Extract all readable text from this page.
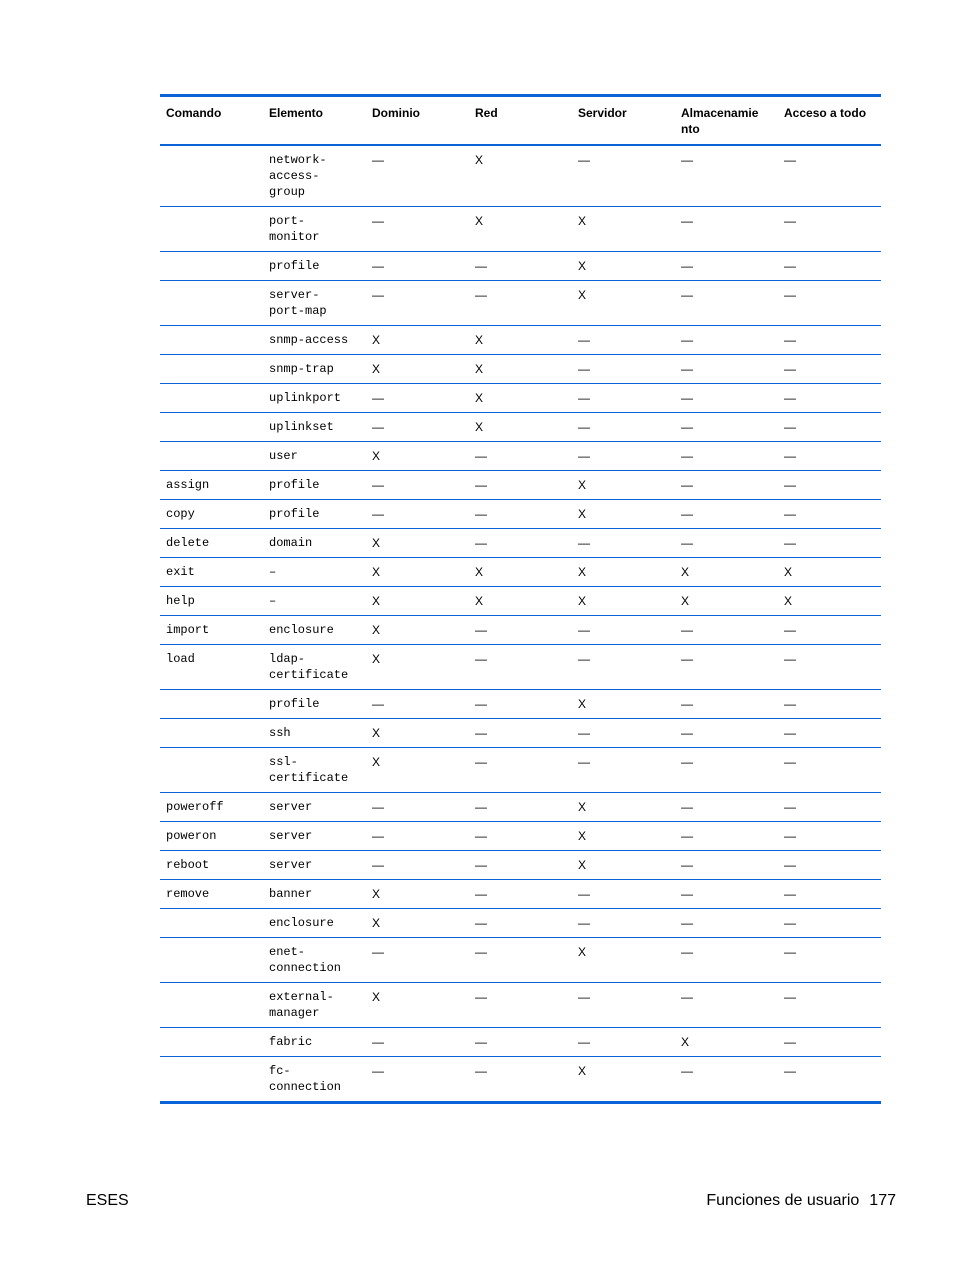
Comando	Elemento	Dominio	Red	Servidor	Almacenamie
nto	Acceso a todo
	network-
access-
group	—	X	—	—	—
	port-
monitor	—	X	X	—	—
	profile	—	—	X	—	—
	server-
port-map	—	—	X	—	—
	snmp-access	X	X	—	—	—
	snmp-trap	X	X	—	—	—
	uplinkport	—	X	—	—	—
	uplinkset	—	X	—	—	—
	user	X	—	—	—	—
assign	profile	—	—	X	—	—
copy	profile	—	—	X	—	—
delete	domain	X	—	—	—	—
exit	–	X	X	X	X	X
help	–	X	X	X	X	X
import	enclosure	X	—	—	—	—
load	ldap-
certificate	X	—	—	—	—
	profile	—	—	X	—	—
	ssh	X	—	—	—	—
	ssl-
certificate	X	—	—	—	—
poweroff	server	—	—	X	—	—
poweron	server	—	—	X	—	—
reboot	server	—	—	X	—	—
remove	banner	X	—	—	—	—
	enclosure	X	—	—	—	—
	enet-
connection	—	—	X	—	—
	external-
manager	X	—	—	—	—
	fabric	—	—	—	X	—
	fc-
connection	—	—	X	—	—
ESES	Funciones de usuario 177
